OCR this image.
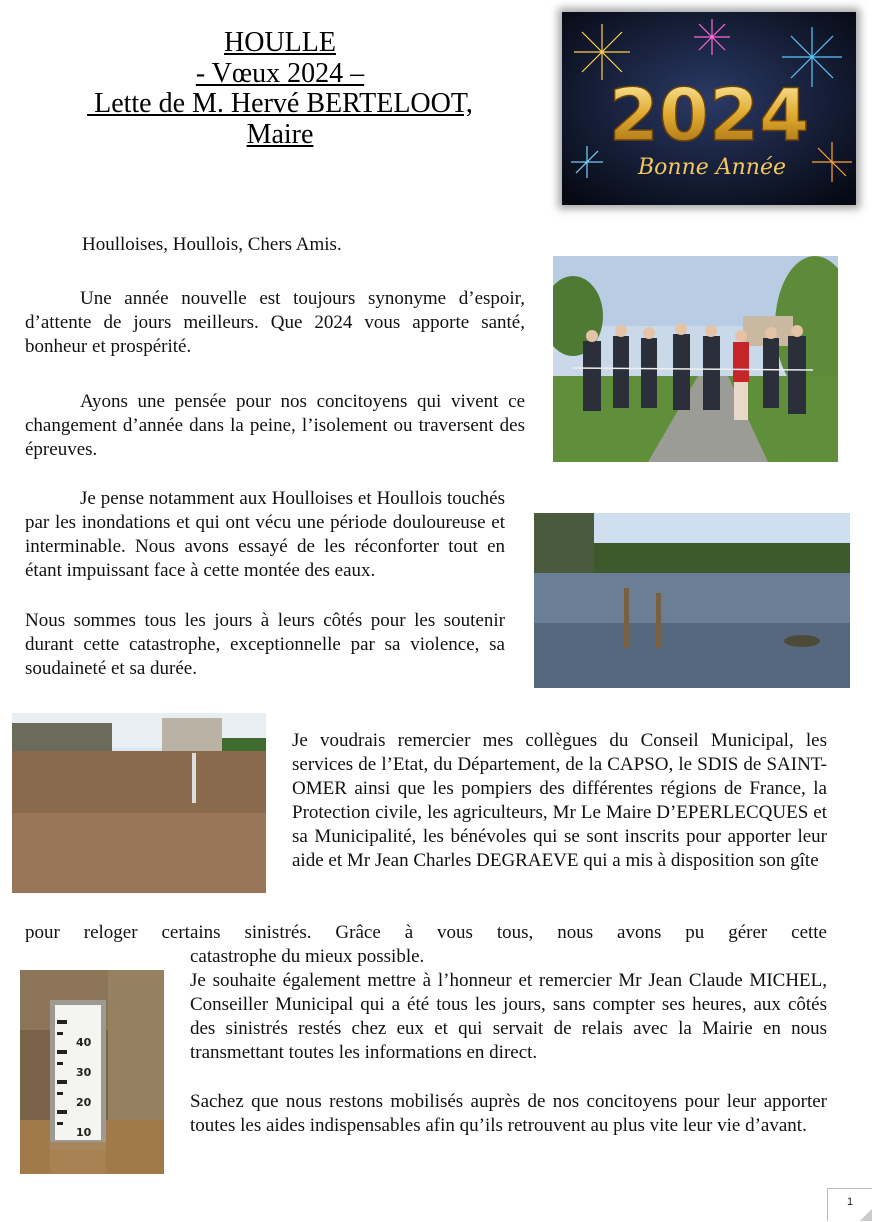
HOULLE
- Vœux 2024 –
Lette de M. Hervé BERTELOOT,
Maire	2024
Bonne Année
40
30
20
10

Houlloises, Houllois, Chers Amis.

Une année nouvelle est toujours synonyme d’espoir, d’attente de jours meilleurs. Que 2024 vous apporte santé, bonheur et prospérité.

Ayons une pensée pour nos concitoyens qui vivent ce changement d’année dans la peine, l’isolement ou traversent des épreuves.

Je pense notamment aux Houlloises et Houllois touchés par les inondations et qui ont vécu une période douloureuse et interminable. Nous avons essayé de les réconforter tout en étant impuissant face à cette montée des eaux.

Nous sommes tous les jours à leurs côtés pour les soutenir durant cette catastrophe, exceptionnelle par sa violence, sa soudaineté et sa durée.

Je voudrais remercier mes collègues du Conseil Municipal, les services de l’Etat, du Département, de la CAPSO, le SDIS de SAINT-OMER ainsi que les pompiers des différentes régions de France, la Protection civile, les agriculteurs, Mr Le Maire D’EPERLECQUES et sa Municipalité, les bénévoles qui se sont inscrits pour apporter leur aide et Mr Jean Charles DEGRAEVE qui a mis à disposition son gîte

pour reloger certains sinistrés. Grâce à vous tous, nous avons pu gérer cette

catastrophe du mieux possible.

Je souhaite également mettre à l’honneur et remercier Mr Jean Claude MICHEL, Conseiller Municipal qui a été tous les jours, sans compter ses heures, aux côtés des sinistrés restés chez eux et qui servait de relais avec la Mairie en nous transmettant toutes les informations en direct.

Sachez que nous restons mobilisés auprès de nos concitoyens pour leur apporter toutes les aides indispensables afin qu’ils retrouvent au plus vite leur vie d’avant.

1
